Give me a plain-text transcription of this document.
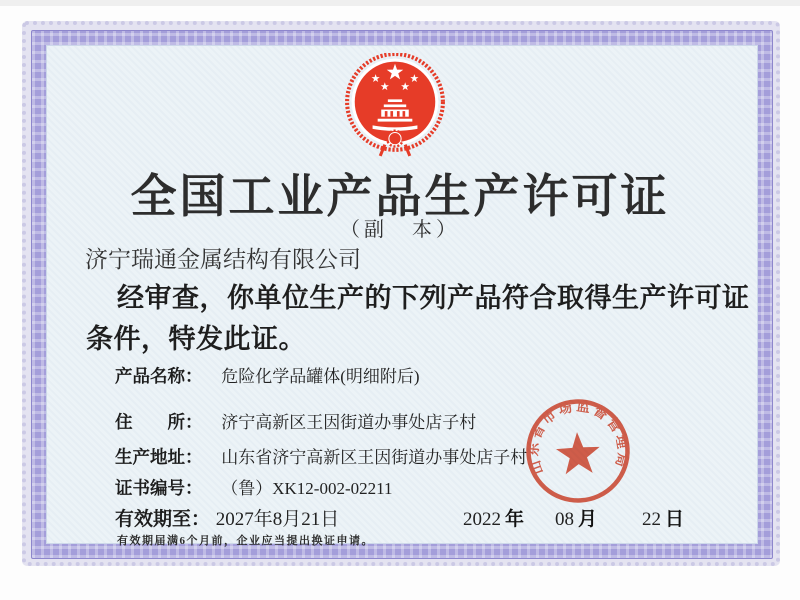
全国工业产品生产许可证
（副　本）
济宁瑞通金属结构有限公司
经审查，你单位生产的下列产品符合取得生产许可证
条件，特发此证。
产品名称： 危险化学品罐体(明细附后)
住　　所： 济宁高新区王因街道办事处店子村
生产地址： 山东省济宁高新区王因街道办事处店子村
证书编号： （鲁）XK12-002-02211
有效期至： 2027年8月21日	2022 年 08 月 22 日
有效期届满6个月前，企业应当提出换证申请。
山东省市场监督管理局
